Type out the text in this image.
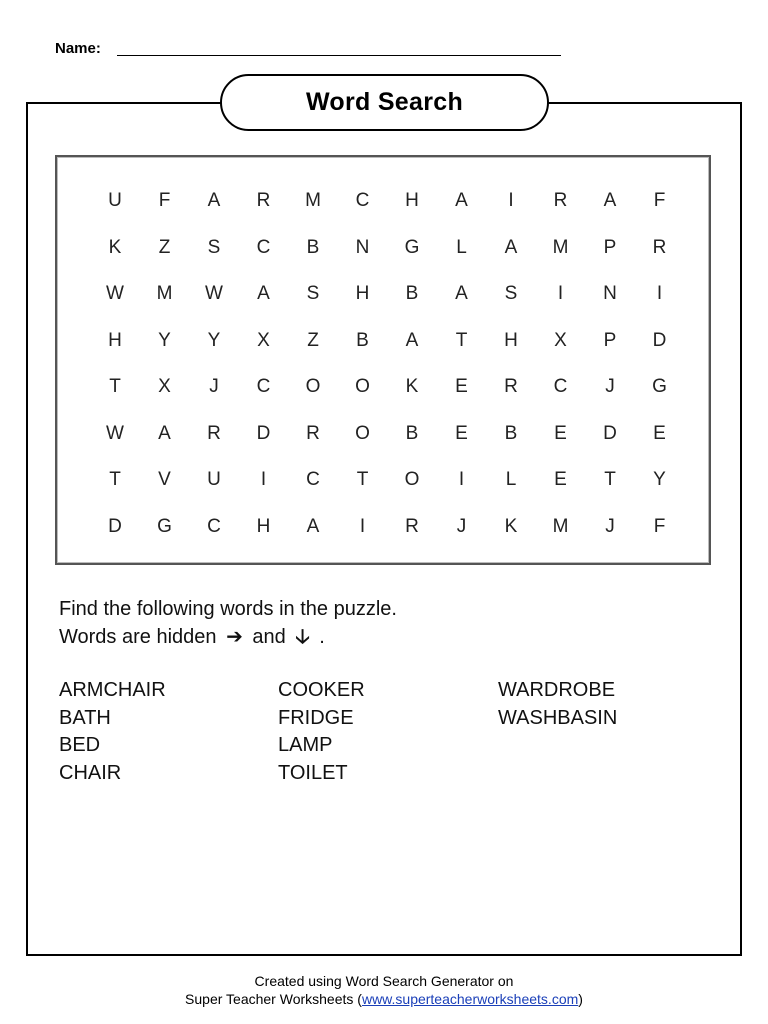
Name:
Word Search
U	F	A	R	M	C	H	A	I	R	A	F
K	Z	S	C	B	N	G	L	A	M	P	R
W	M	W	A	S	H	B	A	S	I	N	I
H	Y	Y	X	Z	B	A	T	H	X	P	D
T	X	J	C	O	O	K	E	R	C	J	G
W	A	R	D	R	O	B	E	B	E	D	E
T	V	U	I	C	T	O	I	L	E	T	Y
D	G	C	H	A	I	R	J	K	M	J	F
Find the following words in the puzzle.
Words are hidden ➔ and 🡣 .
ARMCHAIR
BATH
BED
CHAIR
COOKER
FRIDGE
LAMP
TOILET
WARDROBE
WASHBASIN
Created using Word Search Generator on
Super Teacher Worksheets (www.superteacherworksheets.com)
